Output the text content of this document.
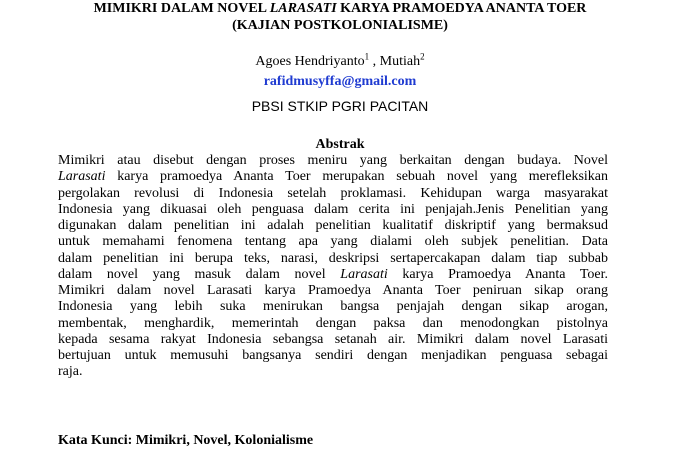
MIMIKRI DALAM NOVEL LARASATI KARYA PRAMOEDYA ANANTA TOER
(KAJIAN POSTKOLONIALISME)
Agoes Hendriyanto$^1$ , Mutiah$^2$
rafidmusyffa@gmail.com
PBSI STKIP PGRI PACITAN
Abstrak
Mimikri atau disebut dengan proses meniru yang berkaitan dengan budaya. Novel
Larasati karya pramoedya Ananta Toer merupakan sebuah novel yang merefleksikan
pergolakan revolusi di Indonesia setelah proklamasi. Kehidupan warga masyarakat
Indonesia yang dikuasai oleh penguasa dalam cerita ini penjajah.Jenis Penelitian yang
digunakan dalam penelitian ini adalah penelitian kualitatif diskriptif yang bermaksud
untuk memahami fenomena tentang apa yang dialami oleh subjek penelitian. Data
dalam penelitian ini berupa teks, narasi, deskripsi sertapercakapan dalam tiap subbab
dalam novel yang masuk dalam novel Larasati karya Pramoedya Ananta Toer.
Mimikri dalam novel Larasati karya Pramoedya Ananta Toer peniruan sikap orang
Indonesia yang lebih suka menirukan bangsa penjajah dengan sikap arogan,
membentak, menghardik, memerintah dengan paksa dan menodongkan pistolnya
kepada sesama rakyat Indonesia sebangsa setanah air. Mimikri dalam novel Larasati
bertujuan untuk memusuhi bangsanya sendiri dengan menjadikan penguasa sebagai
raja.
Kata Kunci: Mimikri, Novel, Kolonialisme
